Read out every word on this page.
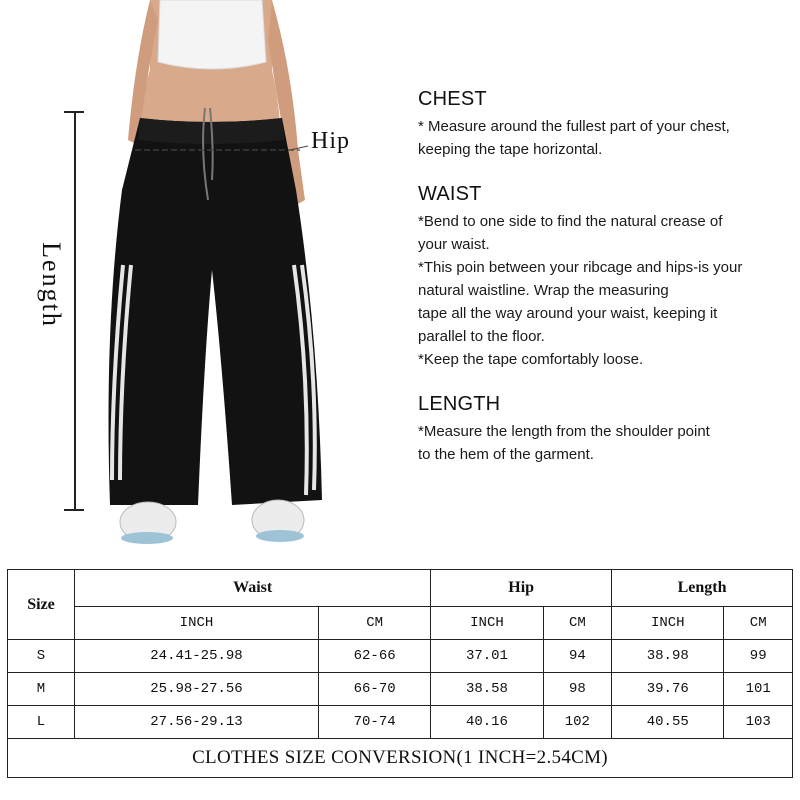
Hip
Length
CHEST

* Measure around the fullest part of your chest,

keeping the tape horizontal.

WAIST

*Bend to one side to find the natural crease of

your waist.

*This poin between your ribcage and hips-is your

natural waistline. Wrap the measuring

tape all the way around your waist, keeping it

parallel to the floor.

*Keep the tape comfortably loose.

LENGTH

*Measure the length from the shoulder point

to the hem of the garment.

Size	Waist		Hip		Length	
	INCH	CM	INCH	CM	INCH	CM
S	24.41-25.98	62-66	37.01	94	38.98	99
M	25.98-27.56	66-70	38.58	98	39.76	101
L	27.56-29.13	70-74	40.16	102	40.55	103
CLOTHES SIZE CONVERSION(1 INCH=2.54CM)						
